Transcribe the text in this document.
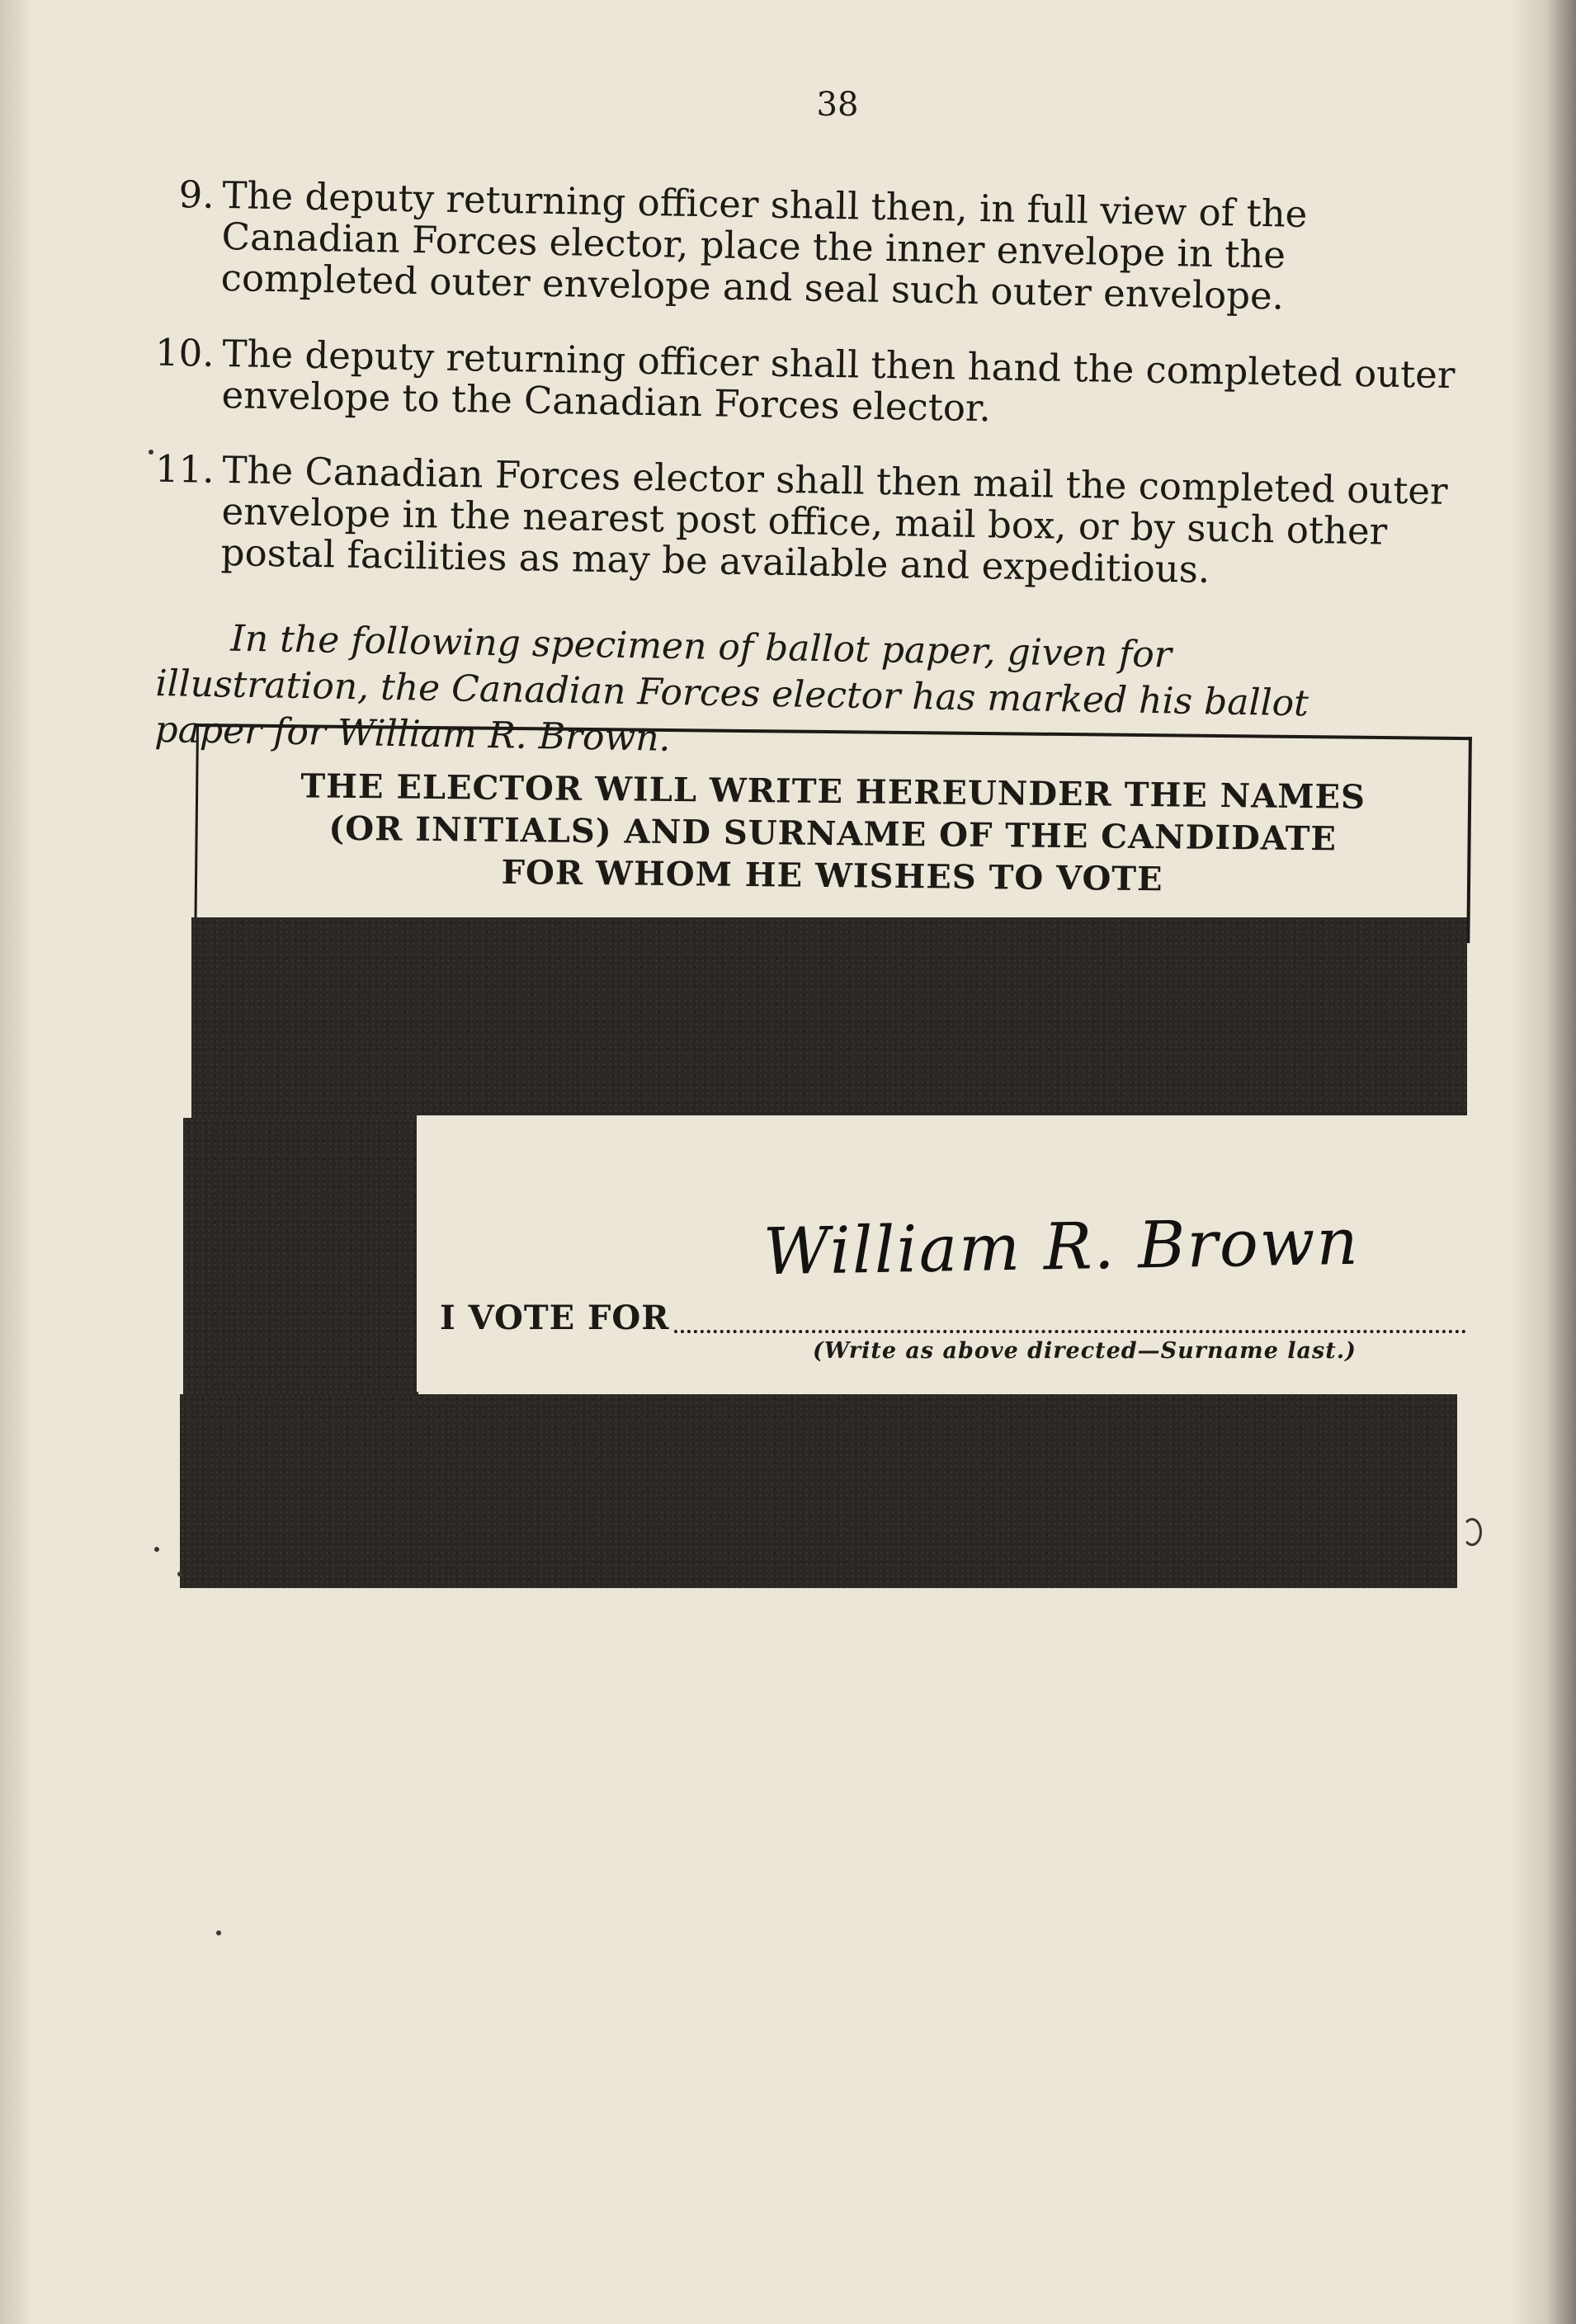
38
9. The deputy returning officer shall then, in full view of the Canadian Forces elector, place the inner envelope in the completed outer envelope and seal such outer envelope.
10. The deputy returning officer shall then hand the completed outer envelope to the Canadian Forces elector.
11. The Canadian Forces elector shall then mail the completed outer envelope in the nearest post office, mail box, or by such other postal facilities as may be available and expeditious.
In the following specimen of ballot paper, given for illustration, the Canadian Forces elector has marked his ballot paper for William R. Brown.
THE ELECTOR WILL WRITE HEREUNDER THE NAMES
(OR INITIALS) AND SURNAME OF THE CANDIDATE
FOR WHOM HE WISHES TO VOTE
William R. Brown
I VOTE FOR
(Write as above directed—Surname last.)
